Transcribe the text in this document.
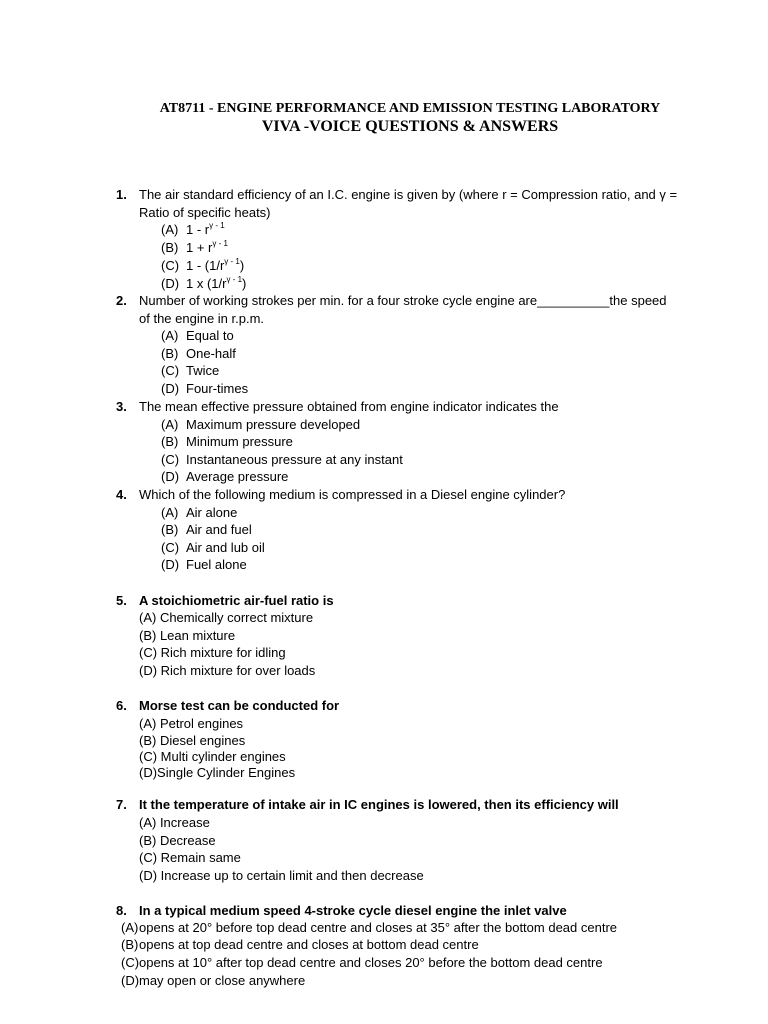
AT8711 - ENGINE PERFORMANCE AND EMISSION TESTING LABORATORY
VIVA -VOICE QUESTIONS & ANSWERS
1. The air standard efficiency of an I.C. engine is given by (where r = Compression ratio, and γ = Ratio of specific heats)
(A) $1 - r^{\gamma - 1}$
(B) $1 + r^{\gamma - 1}$
(C) $1 - (1/r^{\gamma - 1})$
(D) 1 x $(1/r^{\gamma - 1})$
2. Number of working strokes per min. for a four stroke cycle engine are__________the speed of the engine in r.p.m.
(A) Equal to
(B) One-half
(C) Twice
(D) Four-times
3. The mean effective pressure obtained from engine indicator indicates the
(A) Maximum pressure developed
(B) Minimum pressure
(C) Instantaneous pressure at any instant
(D) Average pressure
4. Which of the following medium is compressed in a Diesel engine cylinder?
(A) Air alone
(B) Air and fuel
(C) Air and lub oil
(D) Fuel alone
5. A stoichiometric air-fuel ratio is
(A) Chemically correct mixture
(B) Lean mixture
(C) Rich mixture for idling
(D) Rich mixture for over loads
6. Morse test can be conducted for
(A) Petrol engines
(B) Diesel engines
(C) Multi cylinder engines
(D)Single Cylinder Engines
7. It the temperature of intake air in IC engines is lowered, then its efficiency will
(A) Increase
(B) Decrease
(C) Remain same
(D) Increase up to certain limit and then decrease
8. In a typical medium speed 4-stroke cycle diesel engine the inlet valve
(A)opens at 20° before top dead centre and closes at 35° after the bottom dead centre
(B)opens at top dead centre and closes at bottom dead centre
(C)opens at 10° after top dead centre and closes 20° before the bottom dead centre
(D)may open or close anywhere
